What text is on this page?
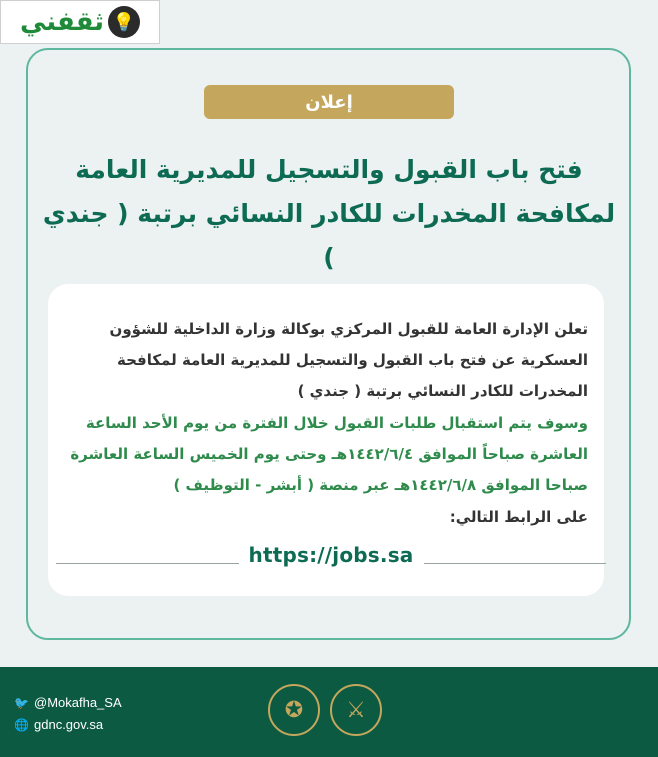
ثقفني 💡
إعلان
فتح باب القبول والتسجيل للمديرية العامة
لمكافحة المخدرات للكادر النسائي برتبة ( جندي )
تعلن الإدارة العامة للقبول المركزي بوكالة وزارة الداخلية للشؤون العسكرية عن فتح باب القبول والتسجيل للمديرية العامة لمكافحة المخدرات للكادر النسائي برتبة ( جندي )
وسوف يتم استقبال طلبات القبول خلال الفترة من يوم الأحد الساعة العاشرة صباحاً الموافق ١٤٤٢/٦/٤هـ وحتى يوم الخميس الساعة العاشرة صباحا الموافق ١٤٤٢/٦/٨هـ عبر منصة ( أبشر - التوظيف )
على الرابط التالي:
https://jobs.sa
🐦 @Mokafha_SA
🌐 gdnc.gov.sa
✪	⚔
